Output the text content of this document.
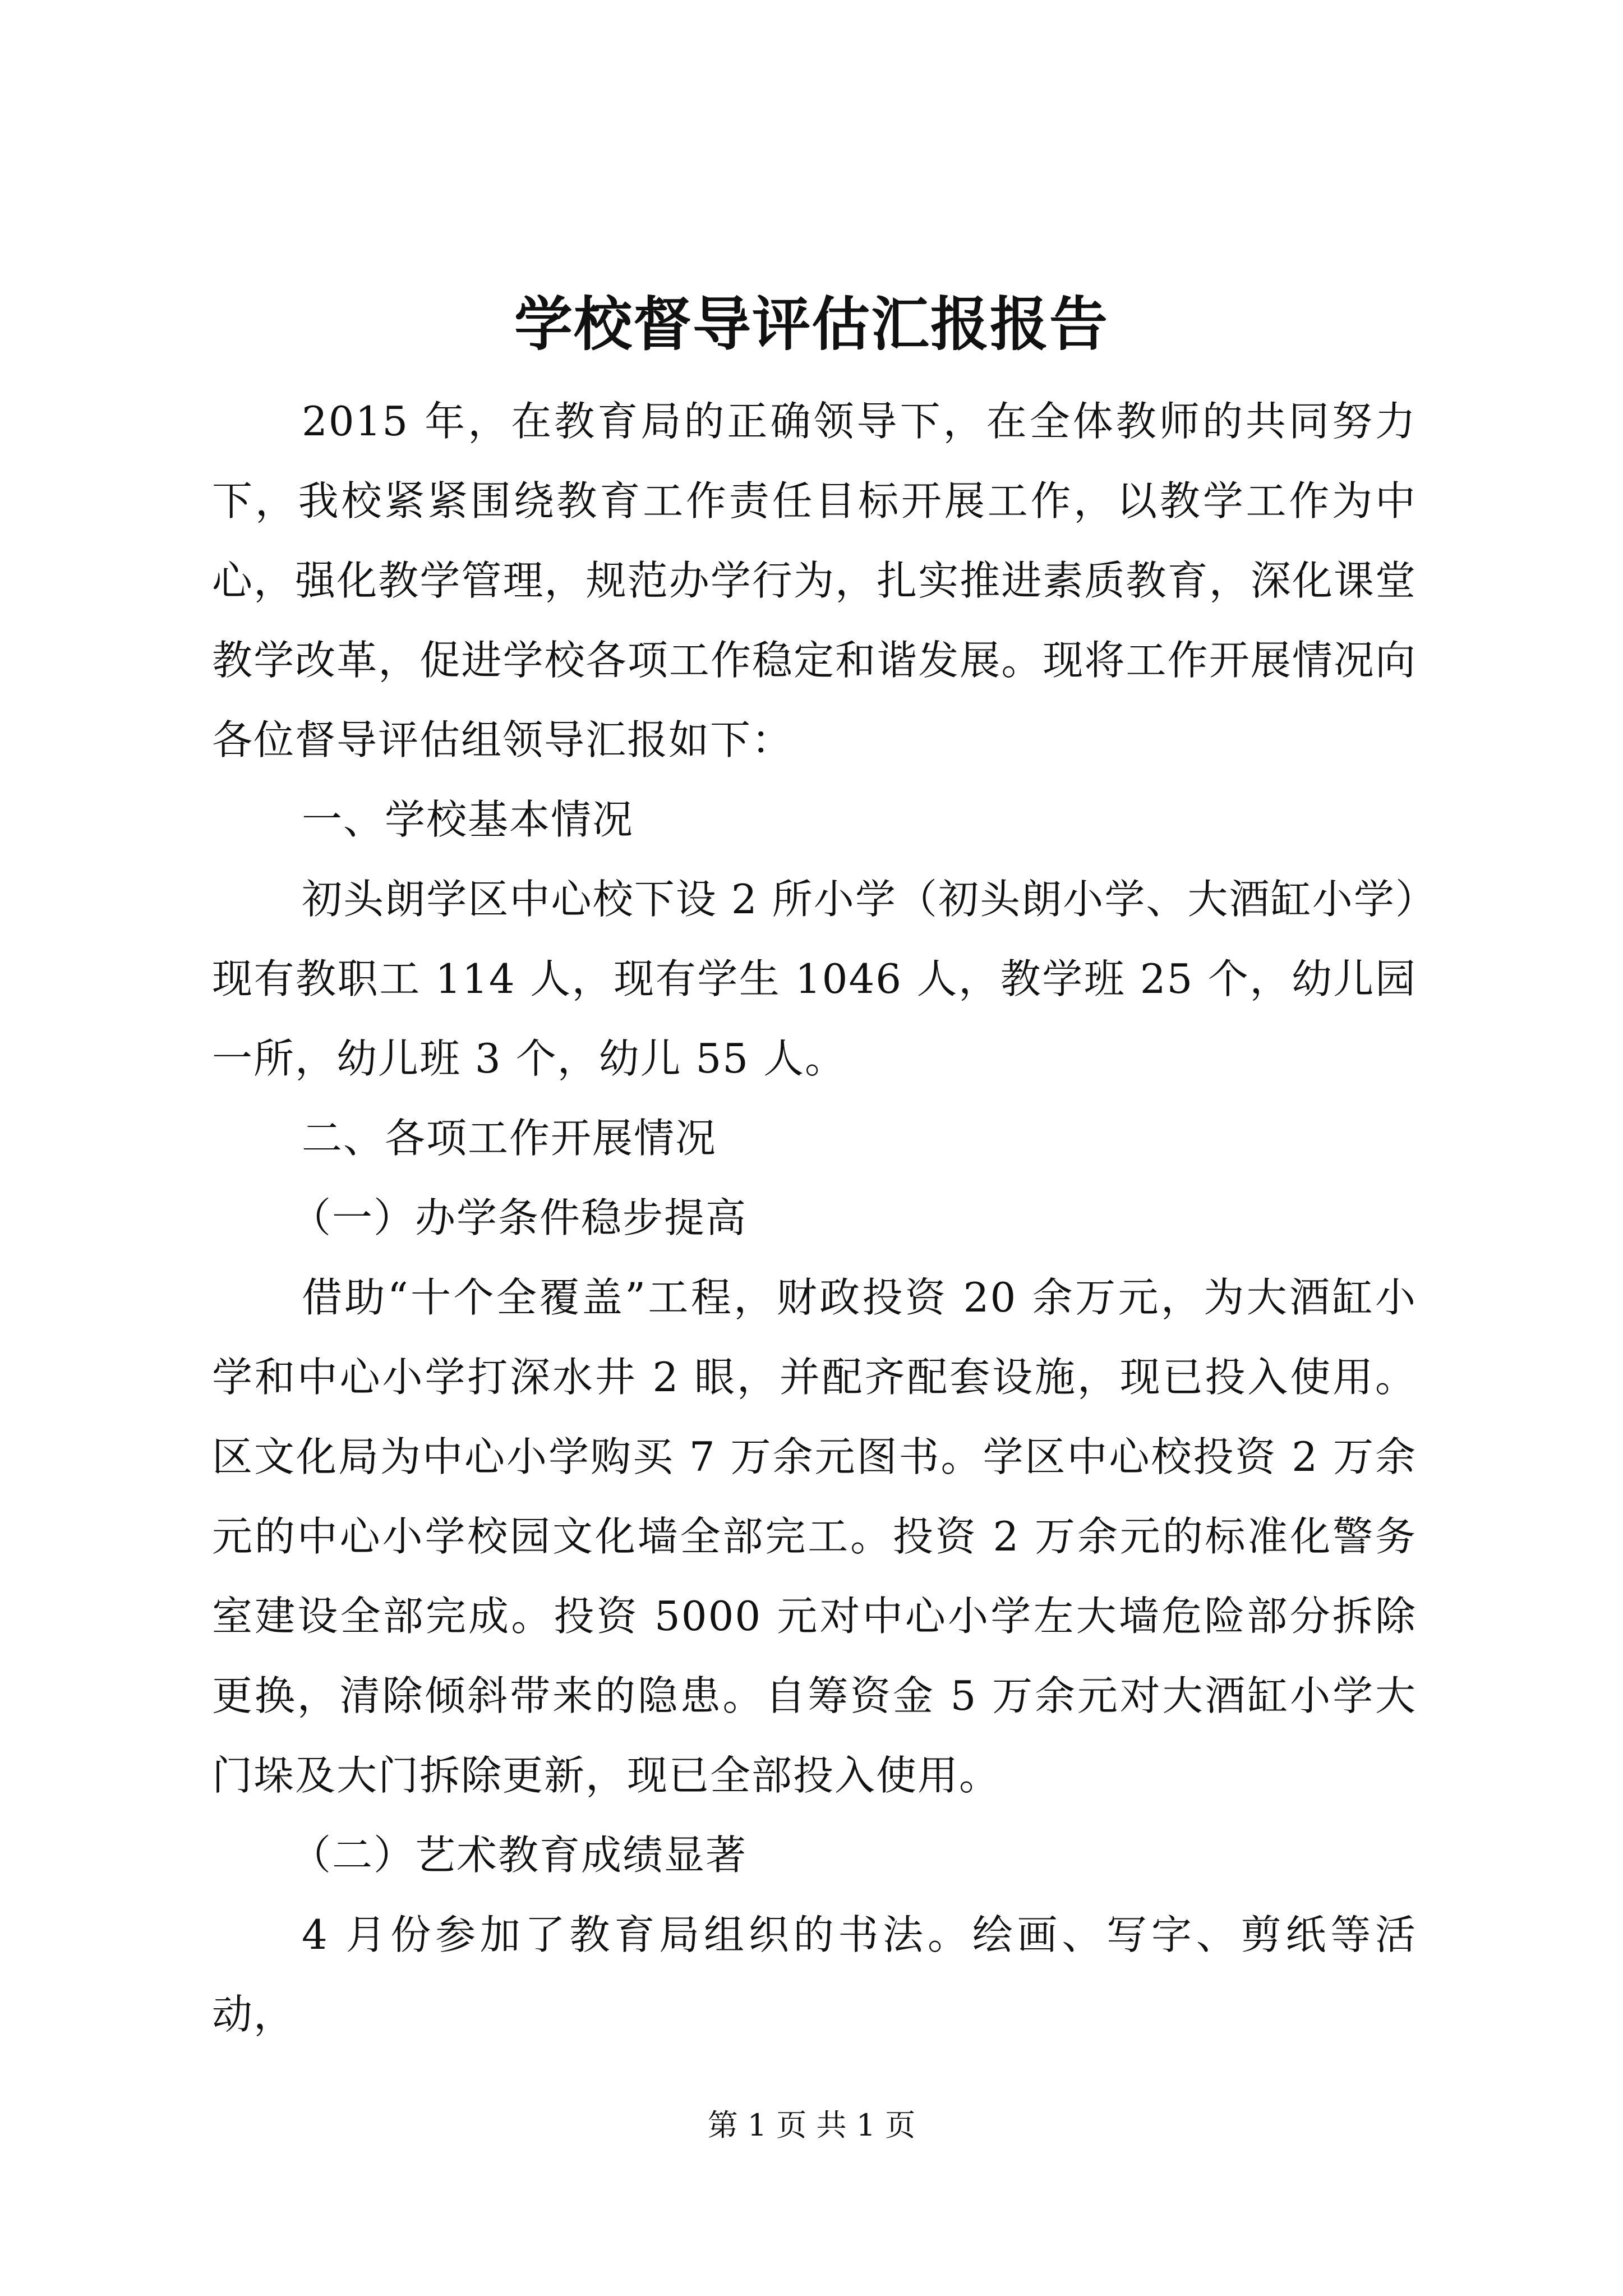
学校督导评估汇报报告

2015 年，在教育局的正确领导下，在全体教师的共同努力下，我校紧紧围绕教育工作责任目标开展工作，以教学工作为中心，强化教学管理，规范办学行为，扎实推进素质教育，深化课堂教学改革，促进学校各项工作稳定和谐发展。现将工作开展情况向各位督导评估组领导汇报如下：

一、学校基本情况

初头朗学区中心校下设 2 所小学（初头朗小学、大酒缸小学）现有教职工 114 人，现有学生 1046 人，教学班 25 个，幼儿园一所，幼儿班 3 个，幼儿 55 人。

二、各项工作开展情况

（一）办学条件稳步提高

借助“十个全覆盖”工程，财政投资 20 余万元，为大酒缸小学和中心小学打深水井 2 眼，并配齐配套设施，现已投入使用。区文化局为中心小学购买 7 万余元图书。学区中心校投资 2 万余元的中心小学校园文化墙全部完工。投资 2 万余元的标准化警务室建设全部完成。投资 5000 元对中心小学左大墙危险部分拆除更换，清除倾斜带来的隐患。自筹资金 5 万余元对大酒缸小学大门垛及大门拆除更新，现已全部投入使用。

（二）艺术教育成绩显著

4 月份参加了教育局组织的书法。绘画、写字、剪纸等活动，

第 1 页 共 1 页
